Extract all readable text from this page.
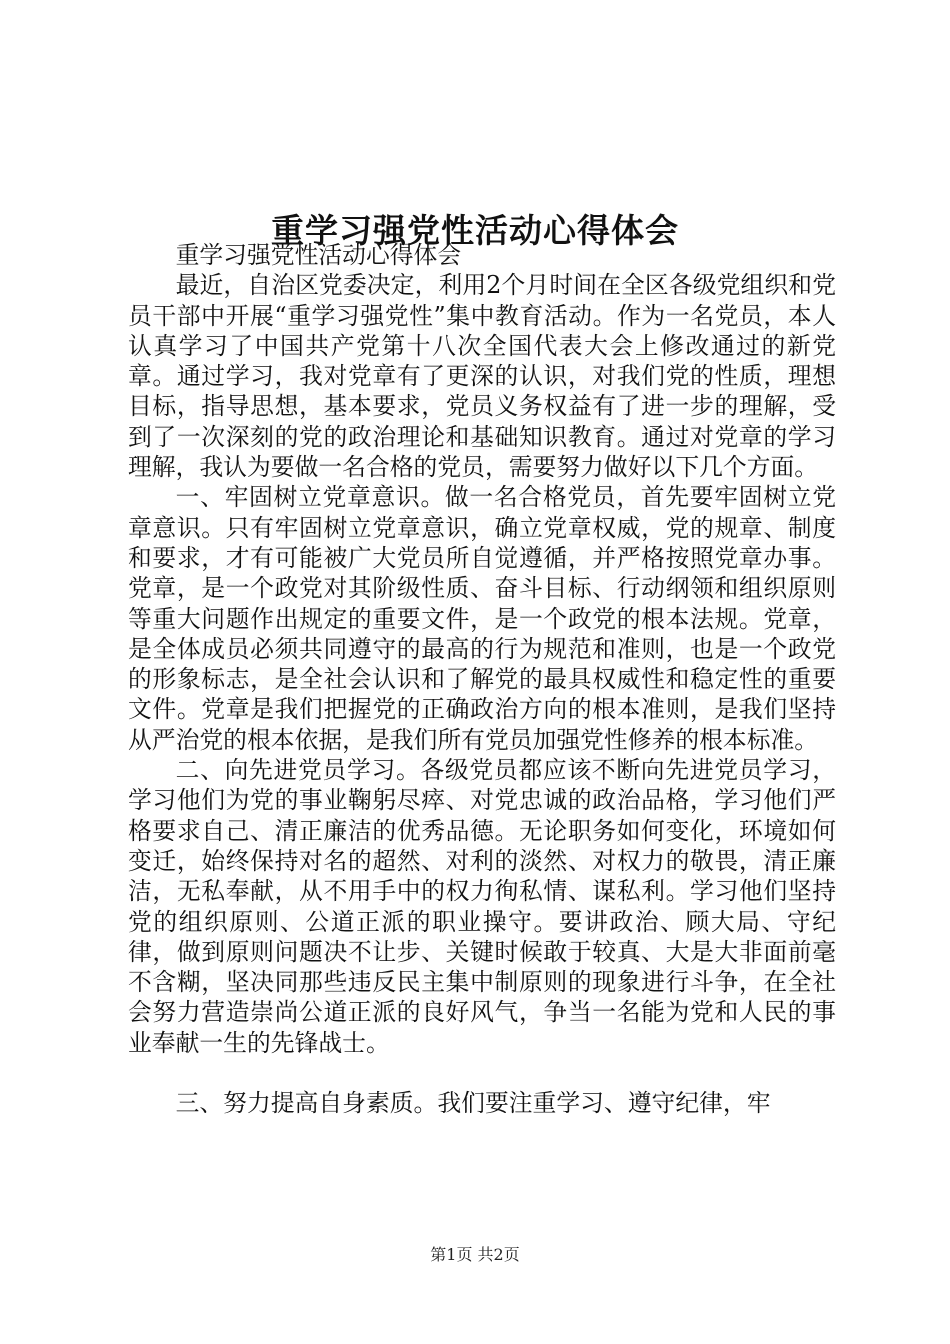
重学习强党性活动心得体会

重学习强党性活动心得体会

最近，自治区党委决定，利用2个月时间在全区各级党组织和党员干部中开展“重学习强党性”集中教育活动。作为一名党员，本人认真学习了中国共产党第十八次全国代表大会上修改通过的新党章。通过学习，我对党章有了更深的认识，对我们党的性质，理想目标，指导思想，基本要求，党员义务权益有了进一步的理解，受到了一次深刻的党的政治理论和基础知识教育。通过对党章的学习理解，我认为要做一名合格的党员，需要努力做好以下几个方面。

一、牢固树立党章意识。做一名合格党员，首先要牢固树立党章意识。只有牢固树立党章意识，确立党章权威，党的规章、制度和要求，才有可能被广大党员所自觉遵循，并严格按照党章办事。党章，是一个政党对其阶级性质、奋斗目标、行动纲领和组织原则等重大问题作出规定的重要文件，是一个政党的根本法规。党章，是全体成员必须共同遵守的最高的行为规范和准则，也是一个政党的形象标志，是全社会认识和了解党的最具权威性和稳定性的重要文件。党章是我们把握党的正确政治方向的根本准则，是我们坚持从严治党的根本依据，是我们所有党员加强党性修养的根本标准。

二、向先进党员学习。各级党员都应该不断向先进党员学习，学习他们为党的事业鞠躬尽瘁、对党忠诚的政治品格，学习他们严格要求自己、清正廉洁的优秀品德。无论职务如何变化，环境如何变迁，始终保持对名的超然、对利的淡然、对权力的敬畏，清正廉洁，无私奉献，从不用手中的权力徇私情、谋私利。学习他们坚持党的组织原则、公道正派的职业操守。要讲政治、顾大局、守纪律，做到原则问题决不让步、关键时候敢于较真、大是大非面前毫不含糊，坚决同那些违反民主集中制原则的现象进行斗争，在全社会努力营造崇尚公道正派的良好风气，争当一名能为党和人民的事业奉献一生的先锋战士。

三、努力提高自身素质。我们要注重学习、遵守纪律，牢

第1页 共2页
